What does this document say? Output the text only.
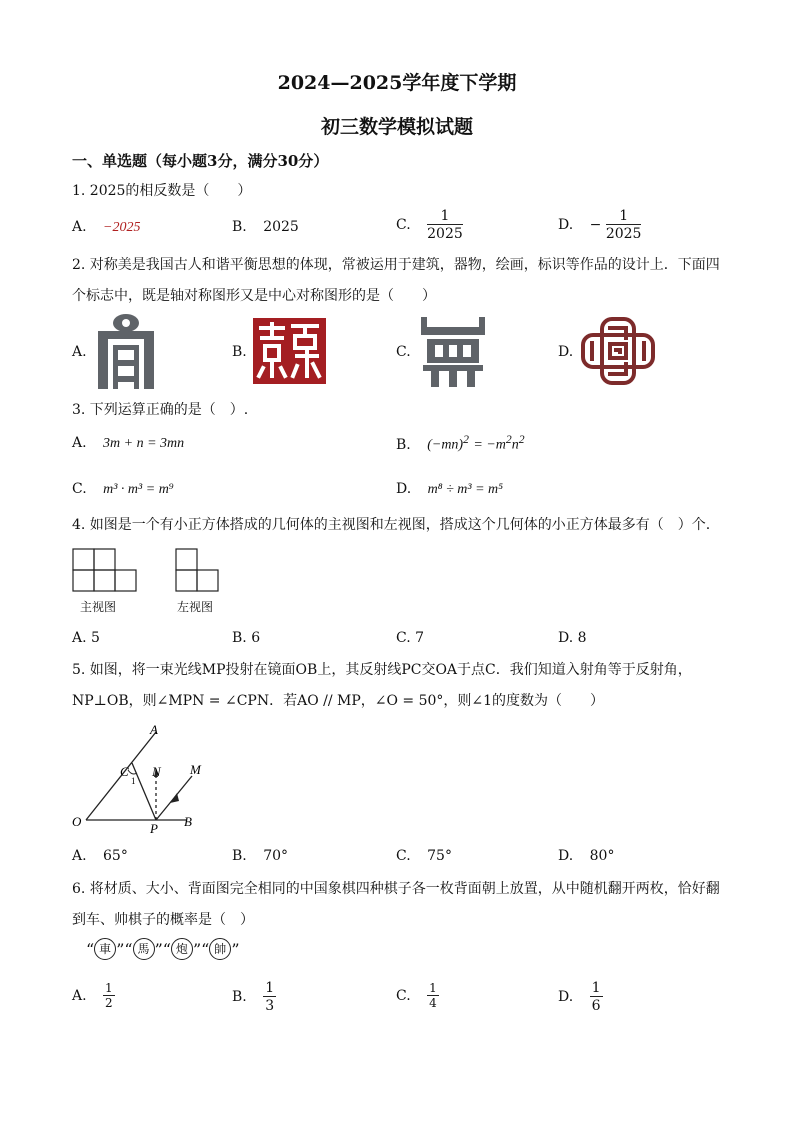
2024—2025学年度下学期
初三数学模拟试题
一、单选题（每小题3分，满分30分）
1. 2025的相反数是（　　）
A. −2025	B. 2025	C. $\frac{1}{2025}$	D. − $\frac{1}{2025}$
2. 对称美是我国古人和谐平衡思想的体现，常被运用于建筑，器物，绘画，标识等作品的设计上．下面四
个标志中，既是轴对称图形又是中心对称图形的是（　　）
A.	B.	C.	D.
3. 下列运算正确的是（　）.
A. 3m + n = 3mn	B. $(-mn)^2 = -m^2n^2$
C. m³ · m³ = m⁹	D. m⁸ ÷ m³ = m⁵
4. 如图是一个有小正方体搭成的几何体的主视图和左视图，搭成这个几何体的小正方体最多有（　）个.
主视图	左视图
A. 5	B. 6	C. 7	D. 8
5. 如图，将一束光线MP投射在镜面OB上，其反射线PC交OA于点C．我们知道入射角等于反射角，
NP⊥OB，则∠MPN = ∠CPN．若AO // MP，∠O = 50°，则∠1的度数为（　　）
A
C N M
O	P B
1
A. 65°	B. 70°	C. 75°	D. 80°
6. 将材质、大小、背面图完全相同的中国象棋四种棋子各一枚背面朝上放置，从中随机翻开两枚，恰好翻
到车、帅棋子的概率是（　）
“ 車 ” “ 馬 ” “ 炮 ” “ 帥 ”
A. $\frac{1}{2}$	B. $\frac{1}{3}$	C. $\frac{1}{4}$	D. $\frac{1}{6}$
